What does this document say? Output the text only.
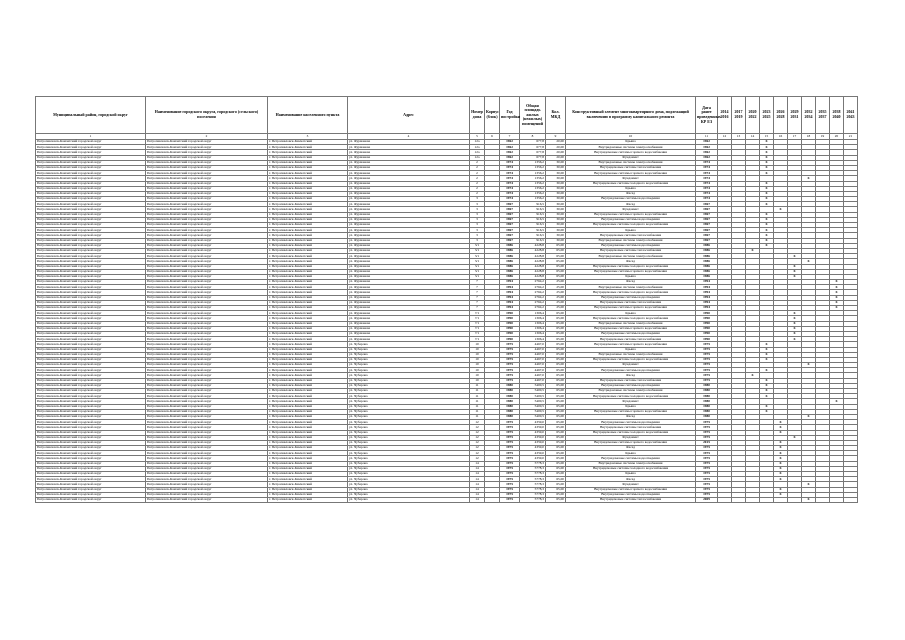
Муниципальный район, городской округ	Наименование городского округа, городского (сельского) поселения	Наименование населенного пункта	Адрес	Номер дома	Корпус (блок)	Год постройки	Общая площадь жилых (нежилых) помещений	Кол. МКД	Конструктивный элемент многоквартирного дома, подлежащий включению в программу капитального ремонта	Дата ранее проведенных КР ЕЗ	2014 2016	2017 2019	2020 2022	2023 2025	2026 2028	2029 2031	2032 2034	2035 2037	2038 2040	2041 2043
1	2	3	4	5	6	7	8	9	10	11	12	13	14	15	16	17	18	19	20	21
Петропавловск-Камчатский городской округ	Петропавловск-Камчатский городской округ	г. Петропавловск-Камчатский	ул. Фурманова	12а		1962	677,8	20,00	Крыша	1962				X						
Петропавловск-Камчатский городской округ	Петропавловск-Камчатский городской округ	г. Петропавловск-Камчатский	ул. Фурманова	12а		1962	677,8	20,00	Внутридомовые системы электроснабжения	1962				X						
Петропавловск-Камчатский городской округ	Петропавловск-Камчатский городской округ	г. Петропавловск-Камчатский	ул. Фурманова	12а		1962	677,8	20,00	Внутридомовые системы горячего водоснабжения	1962				X						
Петропавловск-Камчатский городской округ	Петропавловск-Камчатский городской округ	г. Петропавловск-Камчатский	ул. Фурманова	12а		1962	677,8	20,00	Фундамент	1962				X						
Петропавловск-Камчатский городской округ	Петропавловск-Камчатский городской округ	г. Петропавловск-Камчатский	ул. Фурманова	2		1974	1356,2	30,00	Внутридомовые системы электроснабжения	1974				X						
Петропавловск-Камчатский городской округ	Петропавловск-Камчатский городской округ	г. Петропавловск-Камчатский	ул. Фурманова	2		1974	1356,2	30,00	Внутридомовые системы теплоснабжения	1974				X						
Петропавловск-Камчатский городской округ	Петропавловск-Камчатский городской округ	г. Петропавловск-Камчатский	ул. Фурманова	2		1974	1356,2	30,00	Внутридомовые системы горячего водоснабжения	1974				X						
Петропавловск-Камчатский городской округ	Петропавловск-Камчатский городской округ	г. Петропавловск-Камчатский	ул. Фурманова	2		1974	1356,2	30,00	Фундамент	1974							X			
Петропавловск-Камчатский городской округ	Петропавловск-Камчатский городской округ	г. Петропавловск-Камчатский	ул. Фурманова	2		1974	1356,2	30,00	Внутридомовые системы холодного водоснабжения	1974				X						
Петропавловск-Камчатский городской округ	Петропавловск-Камчатский городской округ	г. Петропавловск-Камчатский	ул. Фурманова	2		1974	1356,2	30,00	Крыша	1974				X						
Петропавловск-Камчатский городской округ	Петропавловск-Камчатский городской округ	г. Петропавловск-Камчатский	ул. Фурманова	2		1974	1356,2	30,00	Фасад	1974				X						
Петропавловск-Камчатский городской округ	Петропавловск-Камчатский городской округ	г. Петропавловск-Камчатский	ул. Фурманова	3		1974	1356,2	30,00	Внутридомовые системы водоотведения	1974				X						
Петропавловск-Камчатский городской округ	Петропавловск-Камчатский городской округ	г. Петропавловск-Камчатский	ул. Фурманова	3		1967	916,5	30,00	Фасад	1967				X						
Петропавловск-Камчатский городской округ	Петропавловск-Камчатский городской округ	г. Петропавловск-Камчатский	ул. Фурманова	3		1967	916,5	30,00	Фундамент	1967					X					
Петропавловск-Камчатский городской округ	Петропавловск-Камчатский городской округ	г. Петропавловск-Камчатский	ул. Фурманова	3		1967	916,5	30,00	Внутридомовые системы горячего водоснабжения	1967				X						
Петропавловск-Камчатский городской округ	Петропавловск-Камчатский городской округ	г. Петропавловск-Камчатский	ул. Фурманова	3		1967	916,5	30,00	Внутридомовые системы водоотведения	1967				X						
Петропавловск-Камчатский городской округ	Петропавловск-Камчатский городской округ	г. Петропавловск-Камчатский	ул. Фурманова	3		1967	916,5	30,00	Внутридомовые системы холодного водоснабжения	1967				X						
Петропавловск-Камчатский городской округ	Петропавловск-Камчатский городской округ	г. Петропавловск-Камчатский	ул. Фурманова	3		1967	916,5	30,00	Крыша	1967				X						
Петропавловск-Камчатский городской округ	Петропавловск-Камчатский городской округ	г. Петропавловск-Камчатский	ул. Фурманова	3		1967	916,5	30,00	Внутридомовые системы теплоснабжения	1967				X						
Петропавловск-Камчатский городской округ	Петропавловск-Камчатский городской округ	г. Петропавловск-Камчатский	ул. Фурманова	3		1967	916,5	30,00	Внутридомовые системы электроснабжения	1967				X						
Петропавловск-Камчатский городской округ	Петропавловск-Камчатский городской округ	г. Петропавловск-Камчатский	ул. Фурманова	3/1		1986	4228,8	65,00	Внутридомовые системы водоотведения	1986				X						
Петропавловск-Камчатский городской округ	Петропавловск-Камчатский городской округ	г. Петропавловск-Камчатский	ул. Фурманова	3/1		1986	4228,8	65,00	Внутридомовые системы теплоснабжения	1986			X							
Петропавловск-Камчатский городской округ	Петропавловск-Камчатский городской округ	г. Петропавловск-Камчатский	ул. Фурманова	3/1		1986	4228,8	65,00	Внутридомовые системы электроснабжения	1986						X				
Петропавловск-Камчатский городской округ	Петропавловск-Камчатский городской округ	г. Петропавловск-Камчатский	ул. Фурманова	3/1		1986	4228,8	65,00	Фасад	1986							X			
Петропавловск-Камчатский городской округ	Петропавловск-Камчатский городской округ	г. Петропавловск-Камчатский	ул. Фурманова	3/1		1986	4228,8	65,00	Внутридомовые системы холодного водоснабжения	1986						X				
Петропавловск-Камчатский городской округ	Петропавловск-Камчатский городской округ	г. Петропавловск-Камчатский	ул. Фурманова	3/1		1986	4228,8	65,00	Внутридомовые системы горячего водоснабжения	1986						X				
Петропавловск-Камчатский городской округ	Петропавловск-Камчатский городской округ	г. Петропавловск-Камчатский	ул. Фурманова	3/1		1986	4228,8	65,00	Крыша	1986						X				
Петропавловск-Камчатский городской округ	Петропавловск-Камчатский городской округ	г. Петропавловск-Камчатский	ул. Фурманова	7		1994	2764,2	25,00	Фасад	1994									X	
Петропавловск-Камчатский городской округ	Петропавловск-Камчатский городской округ	г. Петропавловск-Камчатский	ул. Фурманова	7		1994	2764,2	25,00	Внутридомовые системы электроснабжения	1994									X	
Петропавловск-Камчатский городской округ	Петропавловск-Камчатский городской округ	г. Петропавловск-Камчатский	ул. Фурманова	7		1994	2764,2	25,00	Внутридомовые системы холодного водоснабжения	1994									X	
Петропавловск-Камчатский городской округ	Петропавловск-Камчатский городской округ	г. Петропавловск-Камчатский	ул. Фурманова	7		1994	2764,2	25,00	Внутридомовые системы водоотведения	1994									X	
Петропавловск-Камчатский городской округ	Петропавловск-Камчатский городской округ	г. Петропавловск-Камчатский	ул. Фурманова	7		1994	2764,2	25,00	Внутридомовые системы теплоснабжения	1994									X	
Петропавловск-Камчатский городской округ	Петропавловск-Камчатский городской округ	г. Петропавловск-Камчатский	ул. Фурманова	7		1994	2764,2	25,00	Внутридомовые системы горячего водоснабжения	1994									X	
Петропавловск-Камчатский городской округ	Петропавловск-Камчатский городской округ	г. Петропавловск-Камчатский	ул. Фурманова	7/1		1990	1306,4	65,00	Крыша	1990						X				
Петропавловск-Камчатский городской округ	Петропавловск-Камчатский городской округ	г. Петропавловск-Камчатский	ул. Фурманова	7/1		1990	1306,4	65,00	Внутридомовые системы холодного водоснабжения	1990						X				
Петропавловск-Камчатский городской округ	Петропавловск-Камчатский городской округ	г. Петропавловск-Камчатский	ул. Фурманова	7/1		1990	1306,4	65,00	Внутридомовые системы электроснабжения	1990						X				
Петропавловск-Камчатский городской округ	Петропавловск-Камчатский городской округ	г. Петропавловск-Камчатский	ул. Фурманова	7/1		1990	1306,4	65,00	Внутридомовые системы горячего водоснабжения	1990						X				
Петропавловск-Камчатский городской округ	Петропавловск-Камчатский городской округ	г. Петропавловск-Камчатский	ул. Фурманова	7/1		1990	1306,4	65,00	Внутридомовые системы водоотведения	1990						X				
Петропавловск-Камчатский городской округ	Петропавловск-Камчатский городской округ	г. Петропавловск-Камчатский	ул. Фурманова	7/1		1990	1306,4	65,00	Внутридомовые системы теплоснабжения	1990						X				
Петропавловск-Камчатский городской округ	Петропавловск-Камчатский городской округ	г. Петропавловск-Камчатский	ул. Чубарова	10		1975	4467,0	65,00	Внутридомовые системы горячего водоснабжения	1975				X						
Петропавловск-Камчатский городской округ	Петропавловск-Камчатский городской округ	г. Петропавловск-Камчатский	ул. Чубарова	10		1975	4467,0	65,00	Крыша	1975				X						
Петропавловск-Камчатский городской округ	Петропавловск-Камчатский городской округ	г. Петропавловск-Камчатский	ул. Чубарова	10		1975	4467,0	65,00	Внутридомовые системы электроснабжения	1975				X						
Петропавловск-Камчатский городской округ	Петропавловск-Камчатский городской округ	г. Петропавловск-Камчатский	ул. Чубарова	10		1975	4467,0	65,00	Внутридомовые системы холодного водоснабжения	1975				X						
Петропавловск-Камчатский городской округ	Петропавловск-Камчатский городской округ	г. Петропавловск-Камчатский	ул. Чубарова	10		1975	4467,0	65,00	Фундамент	1975							X			
Петропавловск-Камчатский городской округ	Петропавловск-Камчатский городской округ	г. Петропавловск-Камчатский	ул. Чубарова	10		1975	4467,0	65,00	Внутридомовые системы водоотведения	1975				X						
Петропавловск-Камчатский городской округ	Петропавловск-Камчатский городской округ	г. Петропавловск-Камчатский	ул. Чубарова	10		1975	4467,0	65,00	Фасад	1975			X							
Петропавловск-Камчатский городской округ	Петропавловск-Камчатский городской округ	г. Петропавловск-Камчатский	ул. Чубарова	10		1975	4467,0	65,00	Внутридомовые системы теплоснабжения	1975				X						
Петропавловск-Камчатский городской округ	Петропавловск-Камчатский городской округ	г. Петропавловск-Камчатский	ул. Чубарова	11		1980	5400,5	65,00	Внутридомовые системы водоотведения	1980				X						
Петропавловск-Камчатский городской округ	Петропавловск-Камчатский городской округ	г. Петропавловск-Камчатский	ул. Чубарова	11		1980	5400,5	65,00	Внутридомовые системы электроснабжения	1980				X						
Петропавловск-Камчатский городской округ	Петропавловск-Камчатский городской округ	г. Петропавловск-Камчатский	ул. Чубарова	11		1980	5400,5	65,00	Внутридомовые системы холодного водоснабжения	1980				X						
Петропавловск-Камчатский городской округ	Петропавловск-Камчатский городской округ	г. Петропавловск-Камчатский	ул. Чубарова	11		1980	5400,5	65,00	Фундамент	1980									X	
Петропавловск-Камчатский городской округ	Петропавловск-Камчатский городской округ	г. Петропавловск-Камчатский	ул. Чубарова	11		1980	5400,5	65,00	Крыша	1980				X						
Петропавловск-Камчатский городской округ	Петропавловск-Камчатский городской округ	г. Петропавловск-Камчатский	ул. Чубарова	11		1980	5400,5	65,00	Внутридомовые системы горячего водоснабжения	1980				X						
Петропавловск-Камчатский городской округ	Петропавловск-Камчатский городской округ	г. Петропавловск-Камчатский	ул. Чубарова	11		1980	5400,5	65,00	Фасад	1980							X			
Петропавловск-Камчатский городской округ	Петропавловск-Камчатский городской округ	г. Петропавловск-Камчатский	ул. Чубарова	12		1975	4359,0	65,00	Внутридомовые системы водоотведения	1975					X					
Петропавловск-Камчатский городской округ	Петропавловск-Камчатский городской округ	г. Петропавловск-Камчатский	ул. Чубарова	12		1975	4359,0	65,00	Внутридомовые системы теплоснабжения	1975					X					
Петропавловск-Камчатский городской округ	Петропавловск-Камчатский городской округ	г. Петропавловск-Камчатский	ул. Чубарова	12		1975	4359,0	65,00	Внутридомовые системы холодного водоснабжения	1975					X					
Петропавловск-Камчатский городской округ	Петропавловск-Камчатский городской округ	г. Петропавловск-Камчатский	ул. Чубарова	12		1975	4359,0	65,00	Фундамент	1975						X				
Петропавловск-Камчатский городской округ	Петропавловск-Камчатский городской округ	г. Петропавловск-Камчатский	ул. Чубарова	12		1975	4359,0	65,00	Внутридомовые системы горячего водоснабжения	2015					X					
Петропавловск-Камчатский городской округ	Петропавловск-Камчатский городской округ	г. Петропавловск-Камчатский	ул. Чубарова	12		1975	4359,0	65,00	Фасад	1975					X					
Петропавловск-Камчатский городской округ	Петропавловск-Камчатский городской округ	г. Петропавловск-Камчатский	ул. Чубарова	12		1975	4359,0	65,00	Крыша	1975					X					
Петропавловск-Камчатский городской округ	Петропавловск-Камчатский городской округ	г. Петропавловск-Камчатский	ул. Чубарова	12		1975	4359,0	65,00	Внутридомовые системы водоотведения	1975					X					
Петропавловск-Камчатский городской округ	Петропавловск-Камчатский городской округ	г. Петропавловск-Камчатский	ул. Чубарова	14		1975	5778,3	65,00	Внутридомовые системы электроснабжения	1975					X					
Петропавловск-Камчатский городской округ	Петропавловск-Камчатский городской округ	г. Петропавловск-Камчатский	ул. Чубарова	14		1975	5778,3	65,00	Внутридомовые системы холодного водоснабжения	1975					X					
Петропавловск-Камчатский городской округ	Петропавловск-Камчатский городской округ	г. Петропавловск-Камчатский	ул. Чубарова	14		1975	5778,3	65,00	Крыша	1975					X					
Петропавловск-Камчатский городской округ	Петропавловск-Камчатский городской округ	г. Петропавловск-Камчатский	ул. Чубарова	14		1975	5778,3	65,00	Фасад	1975					X					
Петропавловск-Камчатский городской округ	Петропавловск-Камчатский городской округ	г. Петропавловск-Камчатский	ул. Чубарова	14		1975	5778,3	65,00	Фундамент	1975							X			
Петропавловск-Камчатский городской округ	Петропавловск-Камчатский городской округ	г. Петропавловск-Камчатский	ул. Чубарова	14		1975	5778,3	65,00	Внутридомовые системы горячего водоснабжения	1975					X					
Петропавловск-Камчатский городской округ	Петропавловск-Камчатский городской округ	г. Петропавловск-Камчатский	ул. Чубарова	14		1975	5778,3	65,00	Внутридомовые системы водоотведения	1975					X					
Петропавловск-Камчатский городской округ	Петропавловск-Камчатский городской округ	г. Петропавловск-Камчатский	ул. Чубарова	14		1975	5778,3	65,00	Внутридомовые системы теплоснабжения	2009							X			
